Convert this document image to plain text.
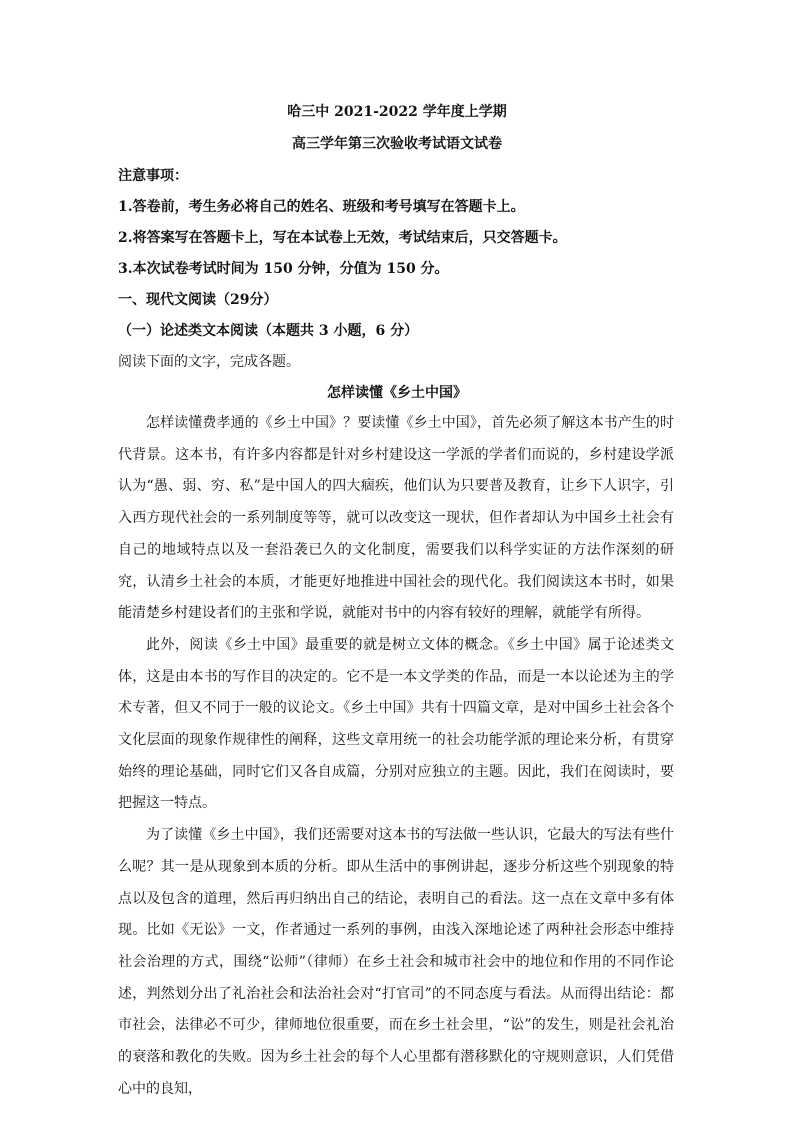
哈三中 2021-2022 学年度上学期
高三学年第三次验收考试语文试卷
注意事项：
1.答卷前，考生务必将自己的姓名、班级和考号填写在答题卡上。
2.将答案写在答题卡上，写在本试卷上无效，考试结束后，只交答题卡。
3.本次试卷考试时间为 150 分钟，分值为 150 分。
一、现代文阅读（29分）
（一）论述类文本阅读（本题共 3 小题，6 分）
阅读下面的文字，完成各题。
怎样读懂《乡土中国》

怎样读懂费孝通的《乡土中国》？要读懂《乡土中国》，首先必须了解这本书产生的时代背景。这本书，有许多内容都是针对乡村建设这一学派的学者们而说的，乡村建设学派认为“愚、弱、穷、私”是中国人的四大痼疾，他们认为只要普及教育，让乡下人识字，引入西方现代社会的一系列制度等等，就可以改变这一现状，但作者却认为中国乡土社会有自己的地域特点以及一套沿袭已久的文化制度，需要我们以科学实证的方法作深刻的研究，认清乡土社会的本质，才能更好地推进中国社会的现代化。我们阅读这本书时，如果能清楚乡村建设者们的主张和学说，就能对书中的内容有较好的理解，就能学有所得。

此外，阅读《乡土中国》最重要的就是树立文体的概念。《乡土中国》属于论述类文体，这是由本书的写作目的决定的。它不是一本文学类的作品，而是一本以论述为主的学术专著，但又不同于一般的议论文。《乡土中国》共有十四篇文章，是对中国乡土社会各个文化层面的现象作规律性的阐释，这些文章用统一的社会功能学派的理论来分析，有贯穿始终的理论基础，同时它们又各自成篇，分别对应独立的主题。因此，我们在阅读时，要把握这一特点。

为了读懂《乡土中国》，我们还需要对这本书的写法做一些认识，它最大的写法有些什么呢？其一是从现象到本质的分析。即从生活中的事例讲起，逐步分析这些个别现象的特点以及包含的道理，然后再归纳出自己的结论，表明自己的看法。这一点在文章中多有体现。比如《无讼》一文，作者通过一系列的事例，由浅入深地论述了两种社会形态中维持社会治理的方式，围绕“讼师”（律师）在乡土社会和城市社会中的地位和作用的不同作论述，判然划分出了礼治社会和法治社会对“打官司”的不同态度与看法。从而得出结论：都市社会，法律必不可少，律师地位很重要，而在乡土社会里，“讼”的发生，则是社会礼治的衰落和教化的失败。因为乡土社会的每个人心里都有潜移默化的守规则意识，人们凭借心中的良知，
